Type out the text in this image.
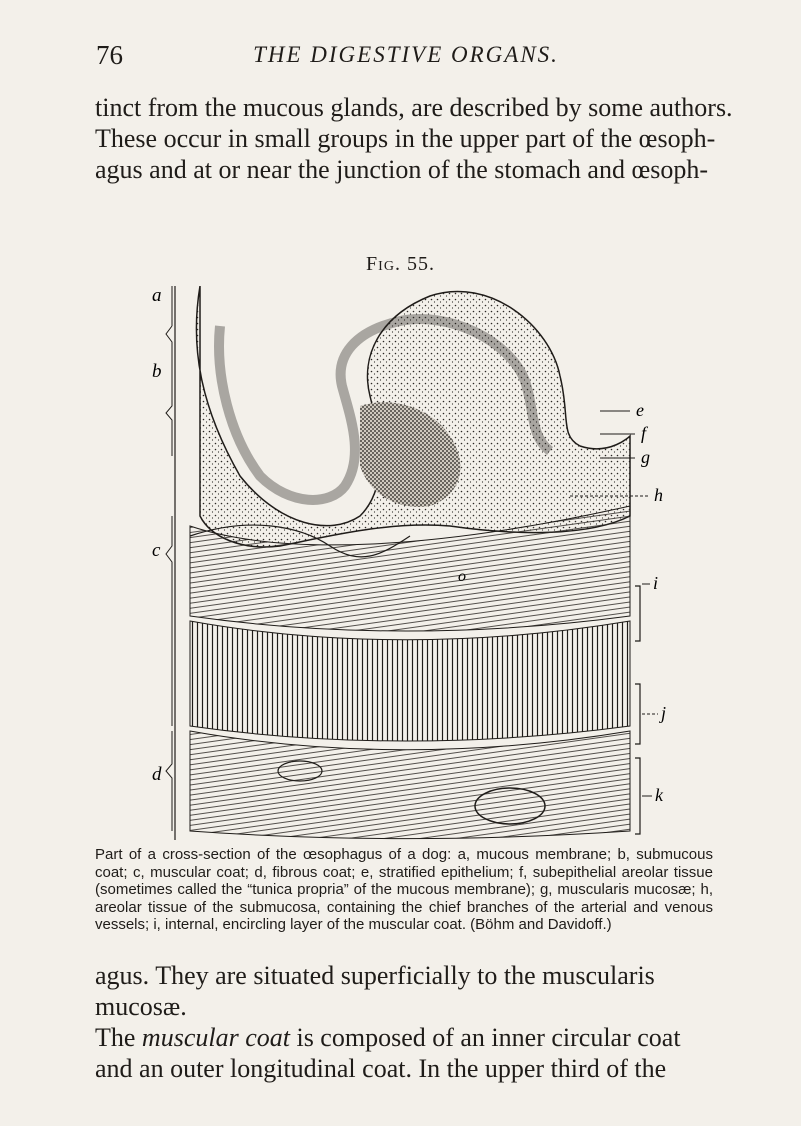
76	THE DIGESTIVE ORGANS.
tinct from the mucous glands, are described by some authors.
These occur in small groups in the upper part of the œsoph-
agus and at or near the junction of the stomach and œsoph-
Fig. 55.
a
b
c
d
e
f
g
h
i
j
k
o
Part of a cross-section of the œsophagus of a dog: a, mucous membrane; b, submucous coat; c, muscular coat; d, fibrous coat; e, stratified epithelium; f, subepithelial areolar tissue (sometimes called the “tunica propria” of the mucous membrane); g, muscularis mucosæ; h, areolar tissue of the submucosa, containing the chief branches of the arterial and venous vessels; i, internal, encircling layer of the muscular coat. (Böhm and Davidoff.)
agus. They are situated superficially to the muscularis
mucosæ.
The muscular coat is composed of an inner circular coat
and an outer longitudinal coat. In the upper third of the
